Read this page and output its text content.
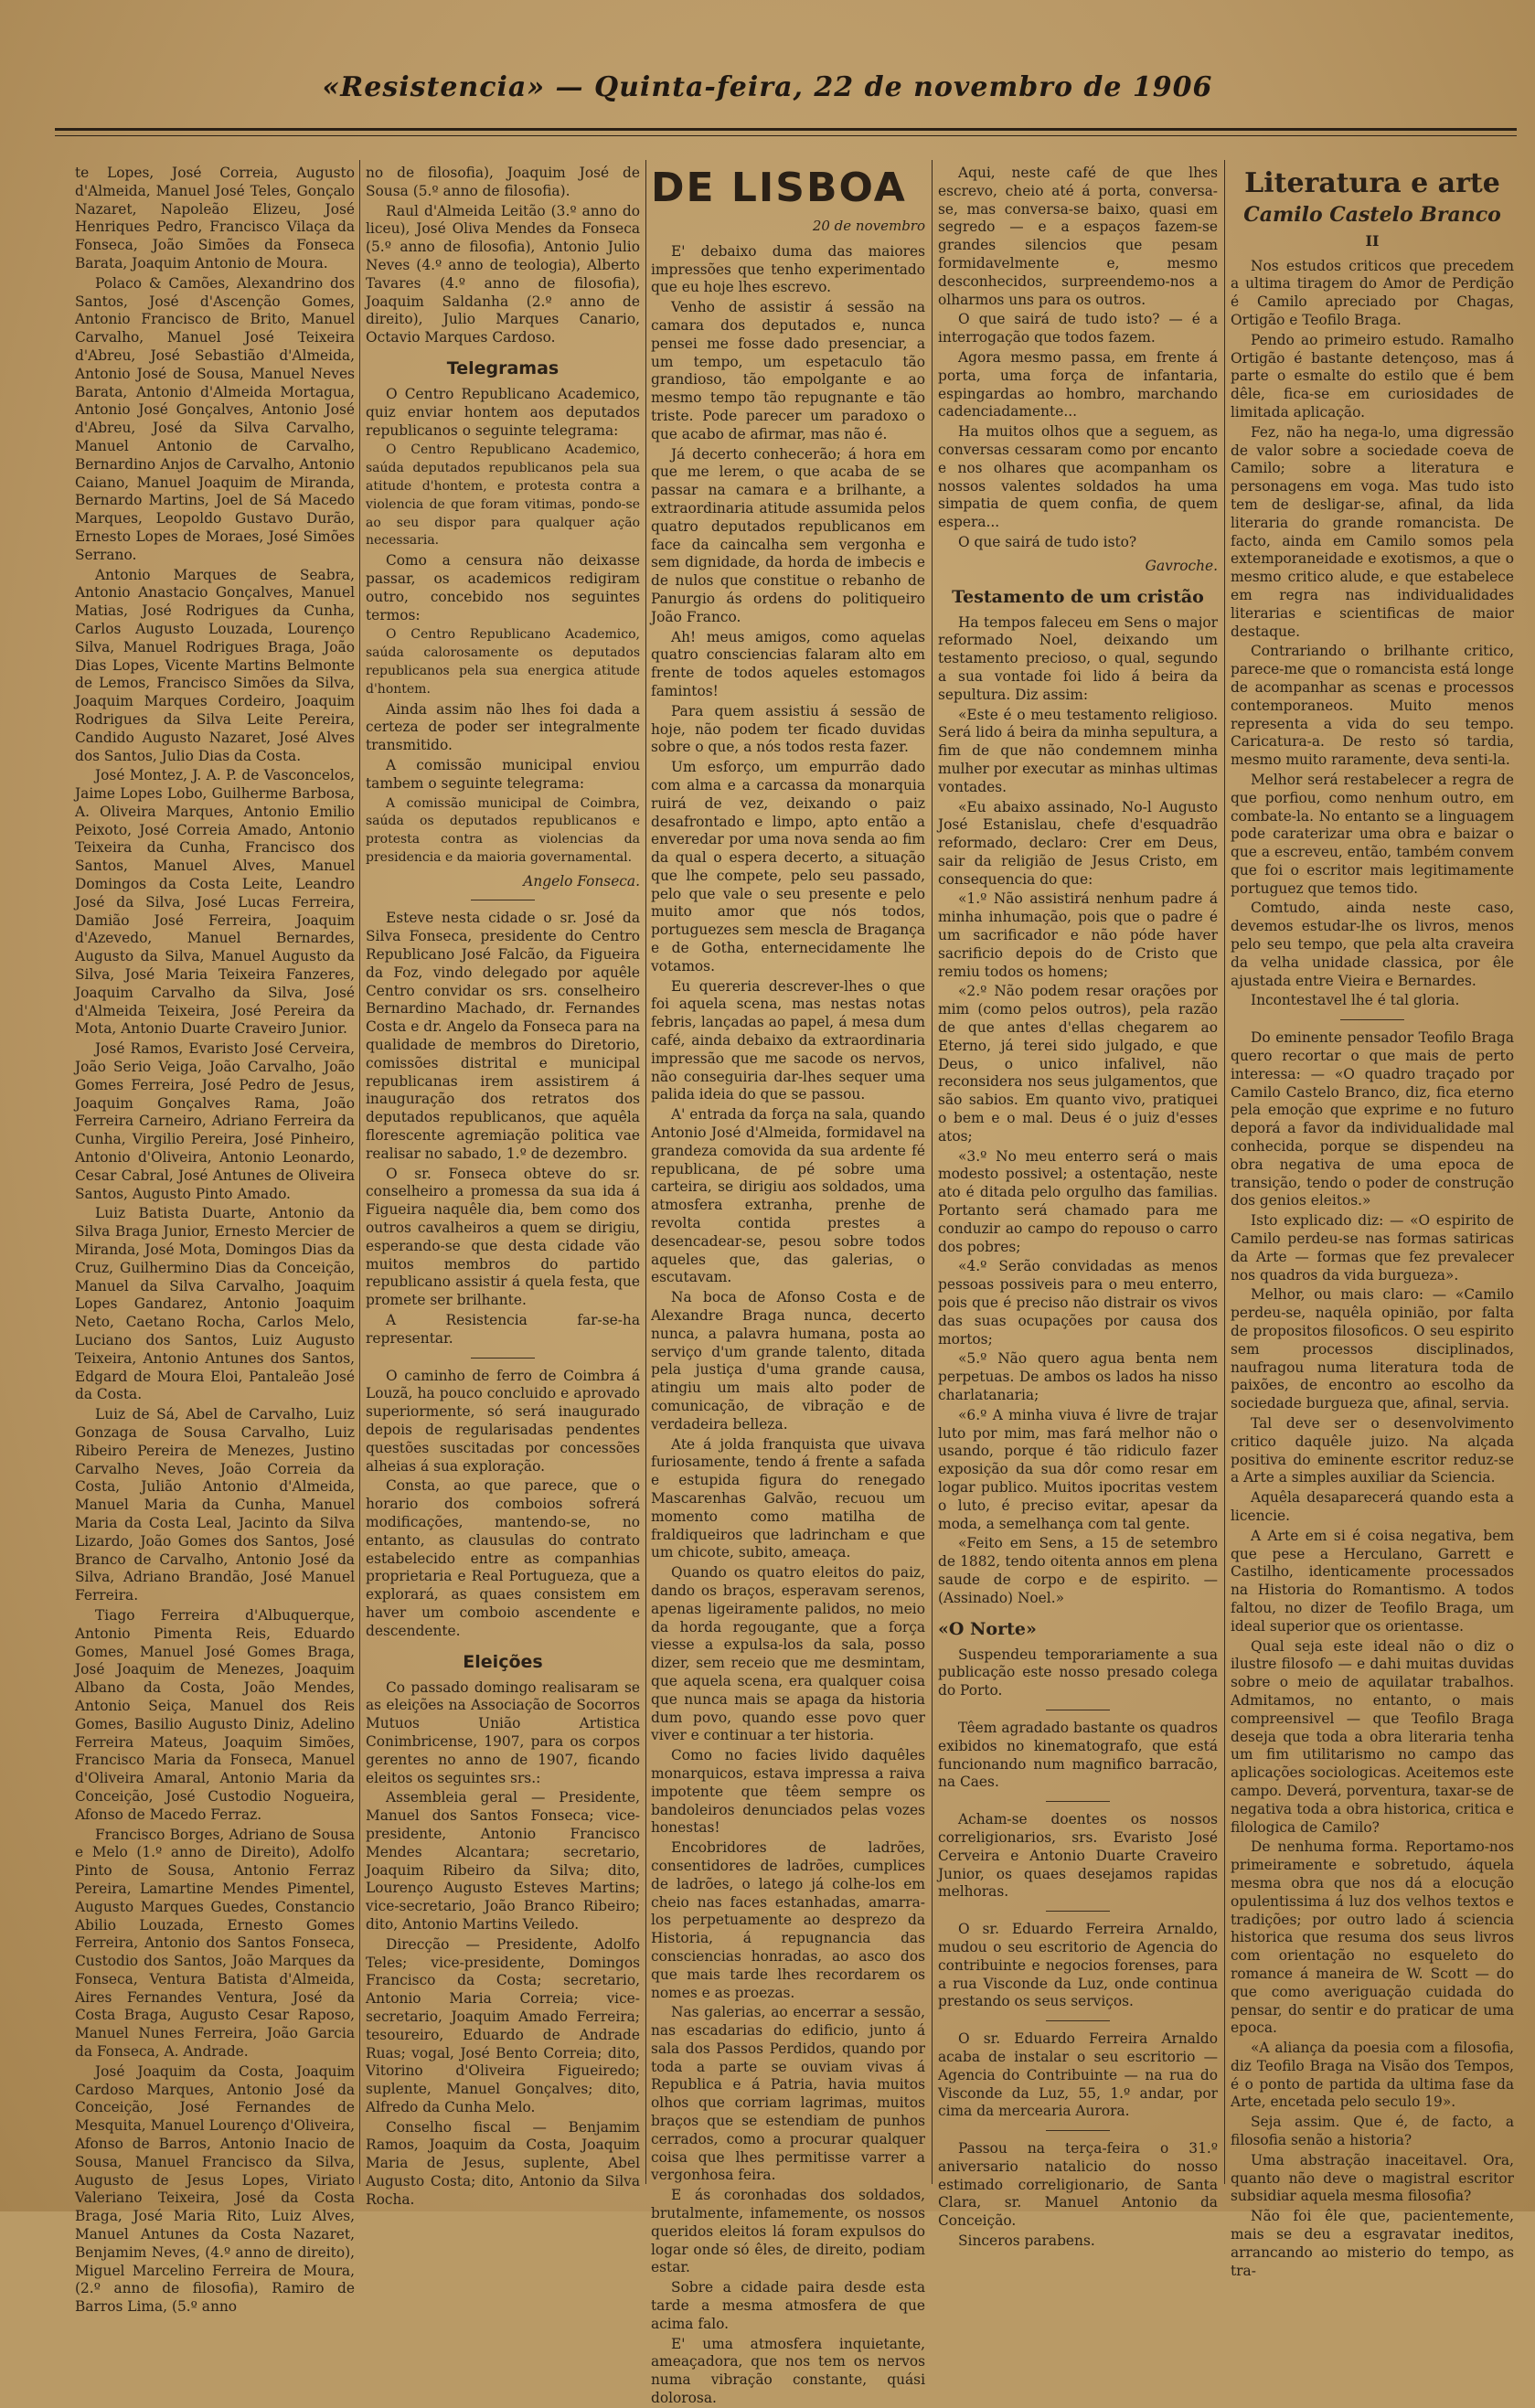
«Resistencia» — Quinta-feira, 22 de novembro de 1906

te Lopes, José Correia, Augusto d'Almeida, Manuel José Teles, Gonçalo Nazaret, Napoleão Elizeu, José Henriques Pedro, Francisco Vilaça da Fonseca, João Simões da Fonseca Barata, Joaquim Antonio de Moura.

Polaco & Camões, Alexandrino dos Santos, José d'Ascenção Gomes, Antonio Francisco de Brito, Manuel Carvalho, Manuel José Teixeira d'Abreu, José Sebastião d'Almeida, Antonio José de Sousa, Manuel Neves Barata, Antonio d'Almeida Mortagua, Antonio José Gonçalves, Antonio José d'Abreu, José da Silva Carvalho, Manuel Antonio de Carvalho, Bernardino Anjos de Carvalho, Antonio Caiano, Manuel Joaquim de Miranda, Bernardo Martins, Joel de Sá Macedo Marques, Leopoldo Gustavo Durão, Ernesto Lopes de Moraes, José Simões Serrano.

Antonio Marques de Seabra, Antonio Anastacio Gonçalves, Manuel Matias, José Rodrigues da Cunha, Carlos Augusto Louzada, Lourenço Silva, Manuel Rodrigues Braga, João Dias Lopes, Vicente Martins Belmonte de Lemos, Francisco Simões da Silva, Joaquim Marques Cordeiro, Joaquim Rodrigues da Silva Leite Pereira, Candido Augusto Nazaret, José Alves dos Santos, Julio Dias da Costa.

José Montez, J. A. P. de Vasconcelos, Jaime Lopes Lobo, Guilherme Barbosa, A. Oliveira Marques, Antonio Emilio Peixoto, José Correia Amado, Antonio Teixeira da Cunha, Francisco dos Santos, Manuel Alves, Manuel Domingos da Costa Leite, Leandro José da Silva, José Lucas Ferreira, Damião José Ferreira, Joaquim d'Azevedo, Manuel Bernardes, Augusto da Silva, Manuel Augusto da Silva, José Maria Teixeira Fanzeres, Joaquim Carvalho da Silva, José d'Almeida Teixeira, José Pereira da Mota, Antonio Duarte Craveiro Junior.

José Ramos, Evaristo José Cerveira, João Serio Veiga, João Carvalho, João Gomes Ferreira, José Pedro de Jesus, Joaquim Gonçalves Rama, João Ferreira Carneiro, Adriano Ferreira da Cunha, Virgilio Pereira, José Pinheiro, Antonio d'Oliveira, Antonio Leonardo, Cesar Cabral, José Antunes de Oliveira Santos, Augusto Pinto Amado.

Luiz Batista Duarte, Antonio da Silva Braga Junior, Ernesto Mercier de Miranda, José Mota, Domingos Dias da Cruz, Guilhermino Dias da Conceição, Manuel da Silva Carvalho, Joaquim Lopes Gandarez, Antonio Joaquim Neto, Caetano Rocha, Carlos Melo, Luciano dos Santos, Luiz Augusto Teixeira, Antonio Antunes dos Santos, Edgard de Moura Eloi, Pantaleão José da Costa.

Luiz de Sá, Abel de Carvalho, Luiz Gonzaga de Sousa Carvalho, Luiz Ribeiro Pereira de Menezes, Justino Carvalho Neves, João Correia da Costa, Julião Antonio d'Almeida, Manuel Maria da Cunha, Manuel Maria da Costa Leal, Jacinto da Silva Lizardo, João Gomes dos Santos, José Branco de Carvalho, Antonio José da Silva, Adriano Brandão, José Manuel Ferreira.

Tiago Ferreira d'Albuquerque, Antonio Pimenta Reis, Eduardo Gomes, Manuel José Gomes Braga, José Joaquim de Menezes, Joaquim Albano da Costa, João Mendes, Antonio Seiça, Manuel dos Reis Gomes, Basilio Augusto Diniz, Adelino Ferreira Mateus, Joaquim Simões, Francisco Maria da Fonseca, Manuel d'Oliveira Amaral, Antonio Maria da Conceição, José Custodio Nogueira, Afonso de Macedo Ferraz.

Francisco Borges, Adriano de Sousa e Melo (1.º anno de Direito), Adolfo Pinto de Sousa, Antonio Ferraz Pereira, Lamartine Mendes Pimentel, Augusto Marques Guedes, Constancio Abilio Louzada, Ernesto Gomes Ferreira, Antonio dos Santos Fonseca, Custodio dos Santos, João Marques da Fonseca, Ventura Batista d'Almeida, Aires Fernandes Ventura, José da Costa Braga, Augusto Cesar Raposo, Manuel Nunes Ferreira, João Garcia da Fonseca, A. Andrade.

José Joaquim da Costa, Joaquim Cardoso Marques, Antonio José da Conceição, José Fernandes de Mesquita, Manuel Lourenço d'Oliveira, Afonso de Barros, Antonio Inacio de Sousa, Manuel Francisco da Silva, Augusto de Jesus Lopes, Viriato Valeriano Teixeira, José da Costa Braga, José Maria Rito, Luiz Alves, Manuel Antunes da Costa Nazaret, Benjamim Neves, (4.º anno de direito), Miguel Marcelino Ferreira de Moura, (2.º anno de filosofia), Ramiro de Barros Lima, (5.º anno

no de filosofia), Joaquim José de Sousa (5.º anno de filosofia).

Raul d'Almeida Leitão (3.º anno do liceu), José Oliva Mendes da Fonseca (5.º anno de filosofia), Antonio Julio Neves (4.º anno de teologia), Alberto Tavares (4.º anno de filosofia), Joaquim Saldanha (2.º anno de direito), Julio Marques Canario, Octavio Marques Cardoso.

Telegramas

O Centro Republicano Academico, quiz enviar hontem aos deputados republicanos o seguinte telegrama:

O Centro Republicano Academico, saúda deputados republicanos pela sua atitude d'hontem, e protesta contra a violencia de que foram vitimas, pondo-se ao seu dispor para qualquer ação necessaria.

Como a censura não deixasse passar, os academicos redigiram outro, concebido nos seguintes termos:

O Centro Republicano Academico, saúda calorosamente os deputados republicanos pela sua energica atitude d'hontem.

Ainda assim não lhes foi dada a certeza de poder ser integralmente transmitido.

A comissão municipal enviou tambem o seguinte telegrama:

A comissão municipal de Coimbra, saúda os deputados republicanos e protesta contra as violencias da presidencia e da maioria governamental.

Angelo Fonseca.

Esteve nesta cidade o sr. José da Silva Fonseca, presidente do Centro Republicano José Falcão, da Figueira da Foz, vindo delegado por aquêle Centro convidar os srs. conselheiro Bernardino Machado, dr. Fernandes Costa e dr. Angelo da Fonseca para na qualidade de membros do Diretorio, comissões distrital e municipal republicanas irem assistirem á inauguração dos retratos dos deputados republicanos, que aquêla florescente agremiação politica vae realisar no sabado, 1.º de dezembro.

O sr. Fonseca obteve do sr. conselheiro a promessa da sua ida á Figueira naquêle dia, bem como dos outros cavalheiros a quem se dirigiu, esperando-se que desta cidade vão muitos membros do partido republicano assistir á quela festa, que promete ser brilhante.

A Resistencia far-se-ha representar.

O caminho de ferro de Coimbra á Louzã, ha pouco concluido e aprovado superiormente, só será inaugurado depois de regularisadas pendentes questões suscitadas por concessões alheias á sua exploração.

Consta, ao que parece, que o horario dos comboios sofrerá modificações, mantendo-se, no entanto, as clausulas do contrato estabelecido entre as companhias proprietaria e Real Portugueza, que a explorará, as quaes consistem em haver um comboio ascendente e descendente.

Eleições

Co passado domingo realisaram se as eleições na Associação de Socorros Mutuos União Artistica Conimbricense, 1907, para os corpos gerentes no anno de 1907, ficando eleitos os seguintes srs.:

Assembleia geral — Presidente, Manuel dos Santos Fonseca; vice-presidente, Antonio Francisco Mendes Alcantara; secretario, Joaquim Ribeiro da Silva; dito, Lourenço Augusto Esteves Martins; vice-secretario, João Branco Ribeiro; dito, Antonio Martins Veiledo.

Direcção — Presidente, Adolfo Teles; vice-presidente, Domingos Francisco da Costa; secretario, Antonio Maria Correia; vice-secretario, Joaquim Amado Ferreira; tesoureiro, Eduardo de Andrade Ruas; vogal, José Bento Correia; dito, Vitorino d'Oliveira Figueiredo; suplente, Manuel Gonçalves; dito, Alfredo da Cunha Melo.

Conselho fiscal — Benjamim Ramos, Joaquim da Costa, Joaquim Maria de Jesus, suplente, Abel Augusto Costa; dito, Antonio da Silva Rocha.

DE LISBOA
20 de novembro

E' debaixo duma das maiores impressões que tenho experimentado que eu hoje lhes escrevo.

Venho de assistir á sessão na camara dos deputados e, nunca pensei me fosse dado presenciar, a um tempo, um espetaculo tão grandioso, tão empolgante e ao mesmo tempo tão repugnante e tão triste. Pode parecer um paradoxo o que acabo de afirmar, mas não é.

Já decerto conhecerão; á hora em que me lerem, o que acaba de se passar na camara e a brilhante, a extraordinaria atitude assumida pelos quatro deputados republicanos em face da caincalha sem vergonha e sem dignidade, da horda de imbecis e de nulos que constitue o rebanho de Panurgio ás ordens do politiqueiro João Franco.

Ah! meus amigos, como aquelas quatro consciencias falaram alto em frente de todos aqueles estomagos famintos!

Para quem assistiu á sessão de hoje, não podem ter ficado duvidas sobre o que, a nós todos resta fazer.

Um esforço, um empurrão dado com alma e a carcassa da monarquia ruirá de vez, deixando o paiz desafrontado e limpo, apto então a enveredar por uma nova senda ao fim da qual o espera decerto, a situação que lhe compete, pelo seu passado, pelo que vale o seu presente e pelo muito amor que nós todos, portuguezes sem mescla de Bragança e de Gotha, enternecidamente lhe votamos.

Eu quereria descrever-lhes o que foi aquela scena, mas nestas notas febris, lançadas ao papel, á mesa dum café, ainda debaixo da extraordinaria impressão que me sacode os nervos, não conseguiria dar-lhes sequer uma palida ideia do que se passou.

A' entrada da força na sala, quando Antonio José d'Almeida, formidavel na grandeza comovida da sua ardente fé republicana, de pé sobre uma carteira, se dirigiu aos soldados, uma atmosfera extranha, prenhe de revolta contida prestes a desencadear-se, pesou sobre todos aqueles que, das galerias, o escutavam.

Na boca de Afonso Costa e de Alexandre Braga nunca, decerto nunca, a palavra humana, posta ao serviço d'um grande talento, ditada pela justiça d'uma grande causa, atingiu um mais alto poder de comunicação, de vibração e de verdadeira belleza.

Ate á jolda franquista que uivava furiosamente, tendo á frente a safada e estupida figura do renegado Mascarenhas Galvão, recuou um momento como matilha de fraldiqueiros que ladrincham e que um chicote, subito, ameaça.

Quando os quatro eleitos do paiz, dando os braços, esperavam serenos, apenas ligeiramente palidos, no meio da horda regougante, que a força viesse a expulsa-los da sala, posso dizer, sem receio que me desmintam, que aquela scena, era qualquer coisa que nunca mais se apaga da historia dum povo, quando esse povo quer viver e continuar a ter historia.

Como no facies livido daquêles monarquicos, estava impressa a raiva impotente que têem sempre os bandoleiros denunciados pelas vozes honestas!

Encobridores de ladrões, consentidores de ladrões, cumplices de ladrões, o latego já colhe-los em cheio nas faces estanhadas, amarra-los perpetuamente ao desprezo da Historia, á repugnancia das consciencias honradas, ao asco dos que mais tarde lhes recordarem os nomes e as proezas.

Nas galerias, ao encerrar a sessão, nas escadarias do edificio, junto á sala dos Passos Perdidos, quando por toda a parte se ouviam vivas á Republica e á Patria, havia muitos olhos que corriam lagrimas, muitos braços que se estendiam de punhos cerrados, como a procurar qualquer coisa que lhes permitisse varrer a vergonhosa feira.

E ás coronhadas dos soldados, brutalmente, infamemente, os nossos queridos eleitos lá foram expulsos do logar onde só êles, de direito, podiam estar.

Sobre a cidade paira desde esta tarde a mesma atmosfera de que acima falo.

E' uma atmosfera inquietante, ameaçadora, que nos tem os nervos numa vibração constante, quási dolorosa.

Aqui, neste café de que lhes escrevo, cheio até á porta, conversa-se, mas conversa-se baixo, quasi em segredo — e a espaços fazem-se grandes silencios que pesam formidavelmente e, mesmo desconhecidos, surpreendemo-nos a olharmos uns para os outros.

O que sairá de tudo isto? — é a interrogação que todos fazem.

Agora mesmo passa, em frente á porta, uma força de infantaria, espingardas ao hombro, marchando cadenciadamente...

Ha muitos olhos que a seguem, as conversas cessaram como por encanto e nos olhares que acompanham os nossos valentes soldados ha uma simpatia de quem confia, de quem espera...

O que sairá de tudo isto?

Gavroche.
Testamento de um cristão

Ha tempos faleceu em Sens o major reformado Noel, deixando um testamento precioso, o qual, segundo a sua vontade foi lido á beira da sepultura. Diz assim:

«Este é o meu testamento religioso. Será lido á beira da minha sepultura, a fim de que não condemnem minha mulher por executar as minhas ultimas vontades.

«Eu abaixo assinado, No-l Augusto José Estanislau, chefe d'esquadrão reformado, declaro: Crer em Deus, sair da religião de Jesus Cristo, em consequencia do que:

«1.º Não assistirá nenhum padre á minha inhumação, pois que o padre é um sacrificador e não póde haver sacrificio depois do de Cristo que remiu todos os homens;

«2.º Não podem resar orações por mim (como pelos outros), pela razão de que antes d'ellas chegarem ao Eterno, já terei sido julgado, e que Deus, o unico infalivel, não reconsidera nos seus julgamentos, que são sabios. Em quanto vivo, pratiquei o bem e o mal. Deus é o juiz d'esses atos;

«3.º No meu enterro será o mais modesto possivel; a ostentação, neste ato é ditada pelo orgulho das familias. Portanto será chamado para me conduzir ao campo do repouso o carro dos pobres;

«4.º Serão convidadas as menos pessoas possiveis para o meu enterro, pois que é preciso não distrair os vivos das suas ocupações por causa dos mortos;

«5.º Não quero agua benta nem perpetuas. De ambos os lados ha nisso charlatanaria;

«6.º A minha viuva é livre de trajar luto por mim, mas fará melhor não o usando, porque é tão ridiculo fazer exposição da sua dôr como resar em logar publico. Muitos ipocritas vestem o luto, é preciso evitar, apesar da moda, a semelhança com tal gente.

«Feito em Sens, a 15 de setembro de 1882, tendo oitenta annos em plena saude de corpo e de espirito. — (Assinado) Noel.»

«O Norte»

Suspendeu temporariamente a sua publicação este nosso presado colega do Porto.

Têem agradado bastante os quadros exibidos no kinematografo, que está funcionando num magnifico barracão, na Caes.

Acham-se doentes os nossos correligionarios, srs. Evaristo José Cerveira e Antonio Duarte Craveiro Junior, os quaes desejamos rapidas melhoras.

O sr. Eduardo Ferreira Arnaldo, mudou o seu escritorio de Agencia do contribuinte e negocios forenses, para a rua Visconde da Luz, onde continua prestando os seus serviços.

O sr. Eduardo Ferreira Arnaldo acaba de instalar o seu escritorio — Agencia do Contribuinte — na rua do Visconde da Luz, 55, 1.º andar, por cima da mercearia Aurora.

Passou na terça-feira o 31.º aniversario natalicio do nosso estimado correligionario, de Santa Clara, sr. Manuel Antonio da Conceição.

Sinceros parabens.

Literatura e arte
Camilo Castelo Branco
II

Nos estudos criticos que precedem a ultima tiragem do Amor de Perdição é Camilo apreciado por Chagas, Ortigão e Teofilo Braga.

Pendo ao primeiro estudo. Ramalho Ortigão é bastante detençoso, mas á parte o esmalte do estilo que é bem dêle, fica-se em curiosidades de limitada aplicação.

Fez, não ha nega-lo, uma digressão de valor sobre a sociedade coeva de Camilo; sobre a literatura e personagens em voga. Mas tudo isto tem de desligar-se, afinal, da lida literaria do grande romancista. De facto, ainda em Camilo somos pela extemporaneidade e exotismos, a que o mesmo critico alude, e que estabelece em regra nas individualidades literarias e scientificas de maior destaque.

Contrariando o brilhante critico, parece-me que o romancista está longe de acompanhar as scenas e processos contemporaneos. Muito menos representa a vida do seu tempo. Caricatura-a. De resto só tardia, mesmo muito raramente, deva senti-la.

Melhor será restabelecer a regra de que porfiou, como nenhum outro, em combate-la. No entanto se a linguagem pode caraterizar uma obra e baizar o que a escreveu, então, também convem que foi o escritor mais legitimamente portuguez que temos tido.

Comtudo, ainda neste caso, devemos estudar-lhe os livros, menos pelo seu tempo, que pela alta craveira da velha unidade classica, por êle ajustada entre Vieira e Bernardes.

Incontestavel lhe é tal gloria.

Do eminente pensador Teofilo Braga quero recortar o que mais de perto interessa: — «O quadro traçado por Camilo Castelo Branco, diz, fica eterno pela emoção que exprime e no futuro deporá a favor da individualidade mal conhecida, porque se dispendeu na obra negativa de uma epoca de transição, tendo o poder de construção dos genios eleitos.»

Isto explicado diz: — «O espirito de Camilo perdeu-se nas formas satiricas da Arte — formas que fez prevalecer nos quadros da vida burgueza».

Melhor, ou mais claro: — «Camilo perdeu-se, naquêla opinião, por falta de propositos filosoficos. O seu espirito sem processos disciplinados, naufragou numa literatura toda de paixões, de encontro ao escolho da sociedade burgueza que, afinal, servia.

Tal deve ser o desenvolvimento critico daquêle juizo. Na alçada positiva do eminente escritor reduz-se a Arte a simples auxiliar da Sciencia.

Aquêla desaparecerá quando esta a licencie.

A Arte em si é coisa negativa, bem que pese a Herculano, Garrett e Castilho, identicamente processados na Historia do Romantismo. A todos faltou, no dizer de Teofilo Braga, um ideal superior que os orientasse.

Qual seja este ideal não o diz o ilustre filosofo — e dahi muitas duvidas sobre o meio de aquilatar trabalhos. Admitamos, no entanto, o mais compreensivel — que Teofilo Braga deseja que toda a obra literaria tenha um fim utilitarismo no campo das aplicações sociologicas. Aceitemos este campo. Deverá, porventura, taxar-se de negativa toda a obra historica, critica e filologica de Camilo?

De nenhuma forma. Reportamo-nos primeiramente e sobretudo, áquela mesma obra que nos dá a elocução opulentissima á luz dos velhos textos e tradições; por outro lado á sciencia historica que resuma dos seus livros com orientação no esqueleto do romance á maneira de W. Scott — do que como averiguação cuidada do pensar, do sentir e do praticar de uma epoca.

«A aliança da poesia com a filosofia, diz Teofilo Braga na Visão dos Tempos, é o ponto de partida da ultima fase da Arte, encetada pelo seculo 19».

Seja assim. Que é, de facto, a filosofia senão a historia?

Uma abstração inaceitavel. Ora, quanto não deve o magistral escritor subsidiar aquela mesma filosofia?

Não foi êle que, pacientemente, mais se deu a esgravatar ineditos, arrancando ao misterio do tempo, as tra-
